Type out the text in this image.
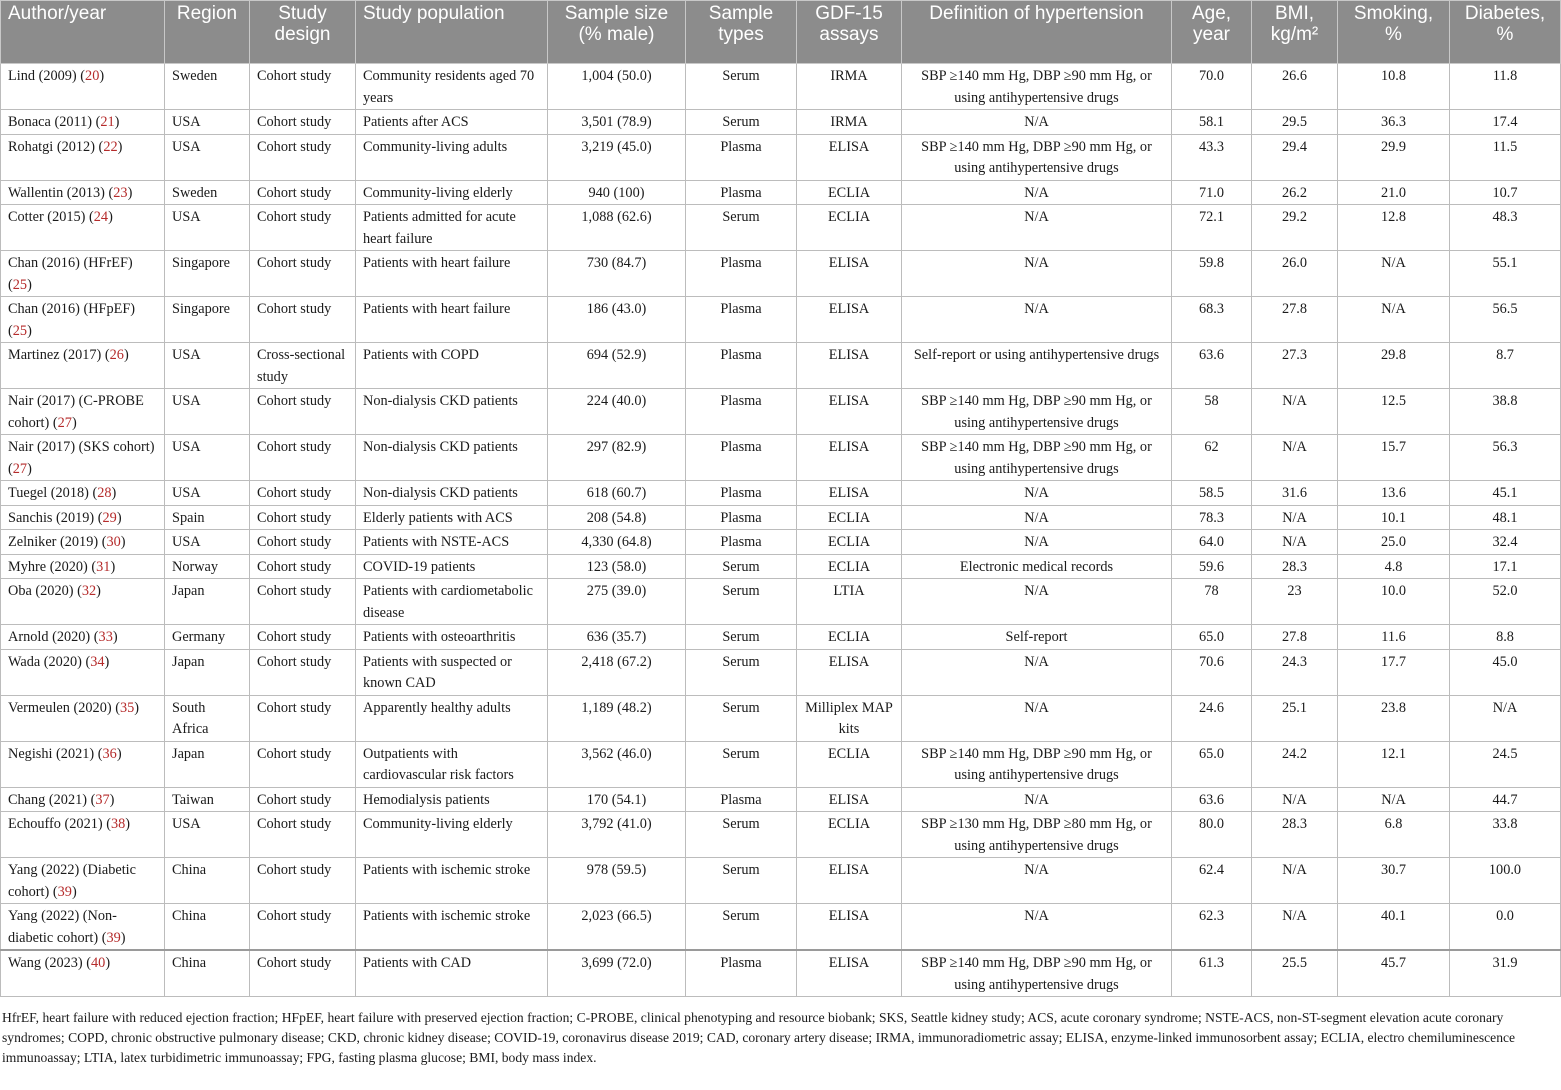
Author/year	Region	Study design	Study population	Sample size (% male)	Sample types	GDF-15 assays	Definition of hypertension	Age, year	BMI, kg/m²	Smoking, %	Diabetes, %
Lind (2009) (20)	Sweden	Cohort study	Community residents aged 70 years	1,004 (50.0)	Serum	IRMA	SBP ≥140 mm Hg, DBP ≥90 mm Hg, or using antihypertensive drugs	70.0	26.6	10.8	11.8
Bonaca (2011) (21)	USA	Cohort study	Patients after ACS	3,501 (78.9)	Serum	IRMA	N/A	58.1	29.5	36.3	17.4
Rohatgi (2012) (22)	USA	Cohort study	Community-living adults	3,219 (45.0)	Plasma	ELISA	SBP ≥140 mm Hg, DBP ≥90 mm Hg, or using antihypertensive drugs	43.3	29.4	29.9	11.5
Wallentin (2013) (23)	Sweden	Cohort study	Community-living elderly	940 (100)	Plasma	ECLIA	N/A	71.0	26.2	21.0	10.7
Cotter (2015) (24)	USA	Cohort study	Patients admitted for acute heart failure	1,088 (62.6)	Serum	ECLIA	N/A	72.1	29.2	12.8	48.3
Chan (2016) (HFrEF) (25)	Singapore	Cohort study	Patients with heart failure	730 (84.7)	Plasma	ELISA	N/A	59.8	26.0	N/A	55.1
Chan (2016) (HFpEF) (25)	Singapore	Cohort study	Patients with heart failure	186 (43.0)	Plasma	ELISA	N/A	68.3	27.8	N/A	56.5
Martinez (2017) (26)	USA	Cross-sectional study	Patients with COPD	694 (52.9)	Plasma	ELISA	Self-report or using antihypertensive drugs	63.6	27.3	29.8	8.7
Nair (2017) (C-PROBE cohort) (27)	USA	Cohort study	Non-dialysis CKD patients	224 (40.0)	Plasma	ELISA	SBP ≥140 mm Hg, DBP ≥90 mm Hg, or using antihypertensive drugs	58	N/A	12.5	38.8
Nair (2017) (SKS cohort) (27)	USA	Cohort study	Non-dialysis CKD patients	297 (82.9)	Plasma	ELISA	SBP ≥140 mm Hg, DBP ≥90 mm Hg, or using antihypertensive drugs	62	N/A	15.7	56.3
Tuegel (2018) (28)	USA	Cohort study	Non-dialysis CKD patients	618 (60.7)	Plasma	ELISA	N/A	58.5	31.6	13.6	45.1
Sanchis (2019) (29)	Spain	Cohort study	Elderly patients with ACS	208 (54.8)	Plasma	ECLIA	N/A	78.3	N/A	10.1	48.1
Zelniker (2019) (30)	USA	Cohort study	Patients with NSTE-ACS	4,330 (64.8)	Plasma	ECLIA	N/A	64.0	N/A	25.0	32.4
Myhre (2020) (31)	Norway	Cohort study	COVID-19 patients	123 (58.0)	Serum	ECLIA	Electronic medical records	59.6	28.3	4.8	17.1
Oba (2020) (32)	Japan	Cohort study	Patients with cardiometabolic disease	275 (39.0)	Serum	LTIA	N/A	78	23	10.0	52.0
Arnold (2020) (33)	Germany	Cohort study	Patients with osteoarthritis	636 (35.7)	Serum	ECLIA	Self-report	65.0	27.8	11.6	8.8
Wada (2020) (34)	Japan	Cohort study	Patients with suspected or known CAD	2,418 (67.2)	Serum	ELISA	N/A	70.6	24.3	17.7	45.0
Vermeulen (2020) (35)	South Africa	Cohort study	Apparently healthy adults	1,189 (48.2)	Serum	Milliplex MAP kits	N/A	24.6	25.1	23.8	N/A
Negishi (2021) (36)	Japan	Cohort study	Outpatients with cardiovascular risk factors	3,562 (46.0)	Serum	ECLIA	SBP ≥140 mm Hg, DBP ≥90 mm Hg, or using antihypertensive drugs	65.0	24.2	12.1	24.5
Chang (2021) (37)	Taiwan	Cohort study	Hemodialysis patients	170 (54.1)	Plasma	ELISA	N/A	63.6	N/A	N/A	44.7
Echouffo (2021) (38)	USA	Cohort study	Community-living elderly	3,792 (41.0)	Serum	ECLIA	SBP ≥130 mm Hg, DBP ≥80 mm Hg, or using antihypertensive drugs	80.0	28.3	6.8	33.8
Yang (2022) (Diabetic cohort) (39)	China	Cohort study	Patients with ischemic stroke	978 (59.5)	Serum	ELISA	N/A	62.4	N/A	30.7	100.0
Yang (2022) (Non-diabetic cohort) (39)	China	Cohort study	Patients with ischemic stroke	2,023 (66.5)	Serum	ELISA	N/A	62.3	N/A	40.1	0.0
Wang (2023) (40)	China	Cohort study	Patients with CAD	3,699 (72.0)	Plasma	ELISA	SBP ≥140 mm Hg, DBP ≥90 mm Hg, or using antihypertensive drugs	61.3	25.5	45.7	31.9
HfrEF, heart failure with reduced ejection fraction; HFpEF, heart failure with preserved ejection fraction; C-PROBE, clinical phenotyping and resource biobank; SKS, Seattle kidney study; ACS, acute coronary syndrome; NSTE-ACS, non-ST-segment elevation acute coronary syndromes; COPD, chronic obstructive pulmonary disease; CKD, chronic kidney disease; COVID-19, coronavirus disease 2019; CAD, coronary artery disease; IRMA, immunoradiometric assay; ELISA, enzyme-linked immunosorbent assay; ECLIA, electro chemiluminescence immunoassay; LTIA, latex turbidimetric immunoassay; FPG, fasting plasma glucose; BMI, body mass index.
